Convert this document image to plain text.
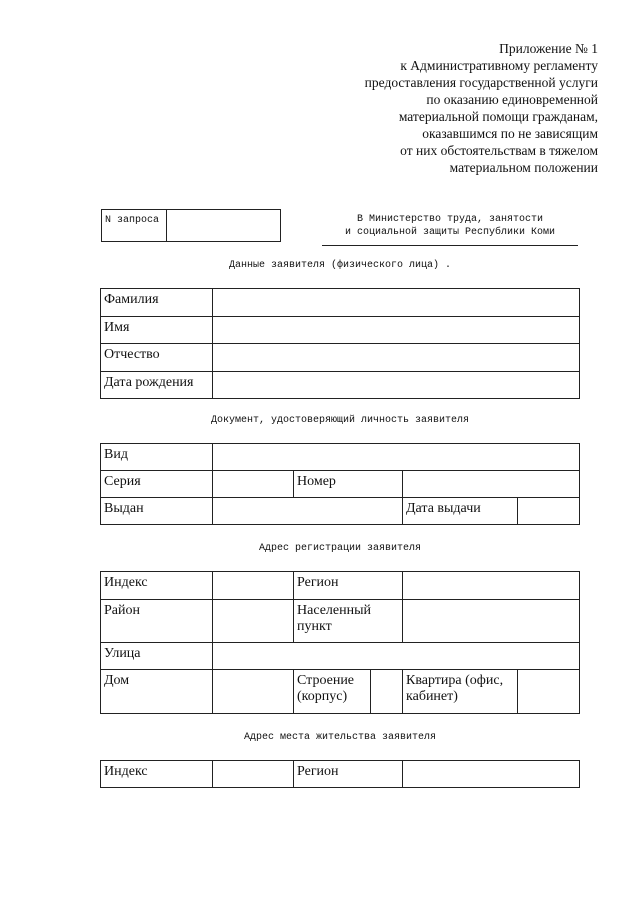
Приложение № 1
к Административному регламенту
предоставления государственной услуги
по оказанию единовременной
материальной помощи гражданам,
оказавшимся по не зависящим
от них обстоятельствам в тяжелом
материальном положении
N запроса	В Министерство труда, занятости
и социальной защиты Республики Коми
Данные заявителя (физического лица) .
Фамилия	
Имя	
Отчество	
Дата рождения	
Документ, удостоверяющий личность заявителя
Вид				
Серия		Номер		
Выдан			Дата выдачи	
Адрес регистрации заявителя
Индекс		Регион			
Район		Населенный пункт			
Улица					
Дом		Строение (корпус)		Квартира (офис, кабинет)	
Адрес места жительства заявителя
Индекс		Регион	
